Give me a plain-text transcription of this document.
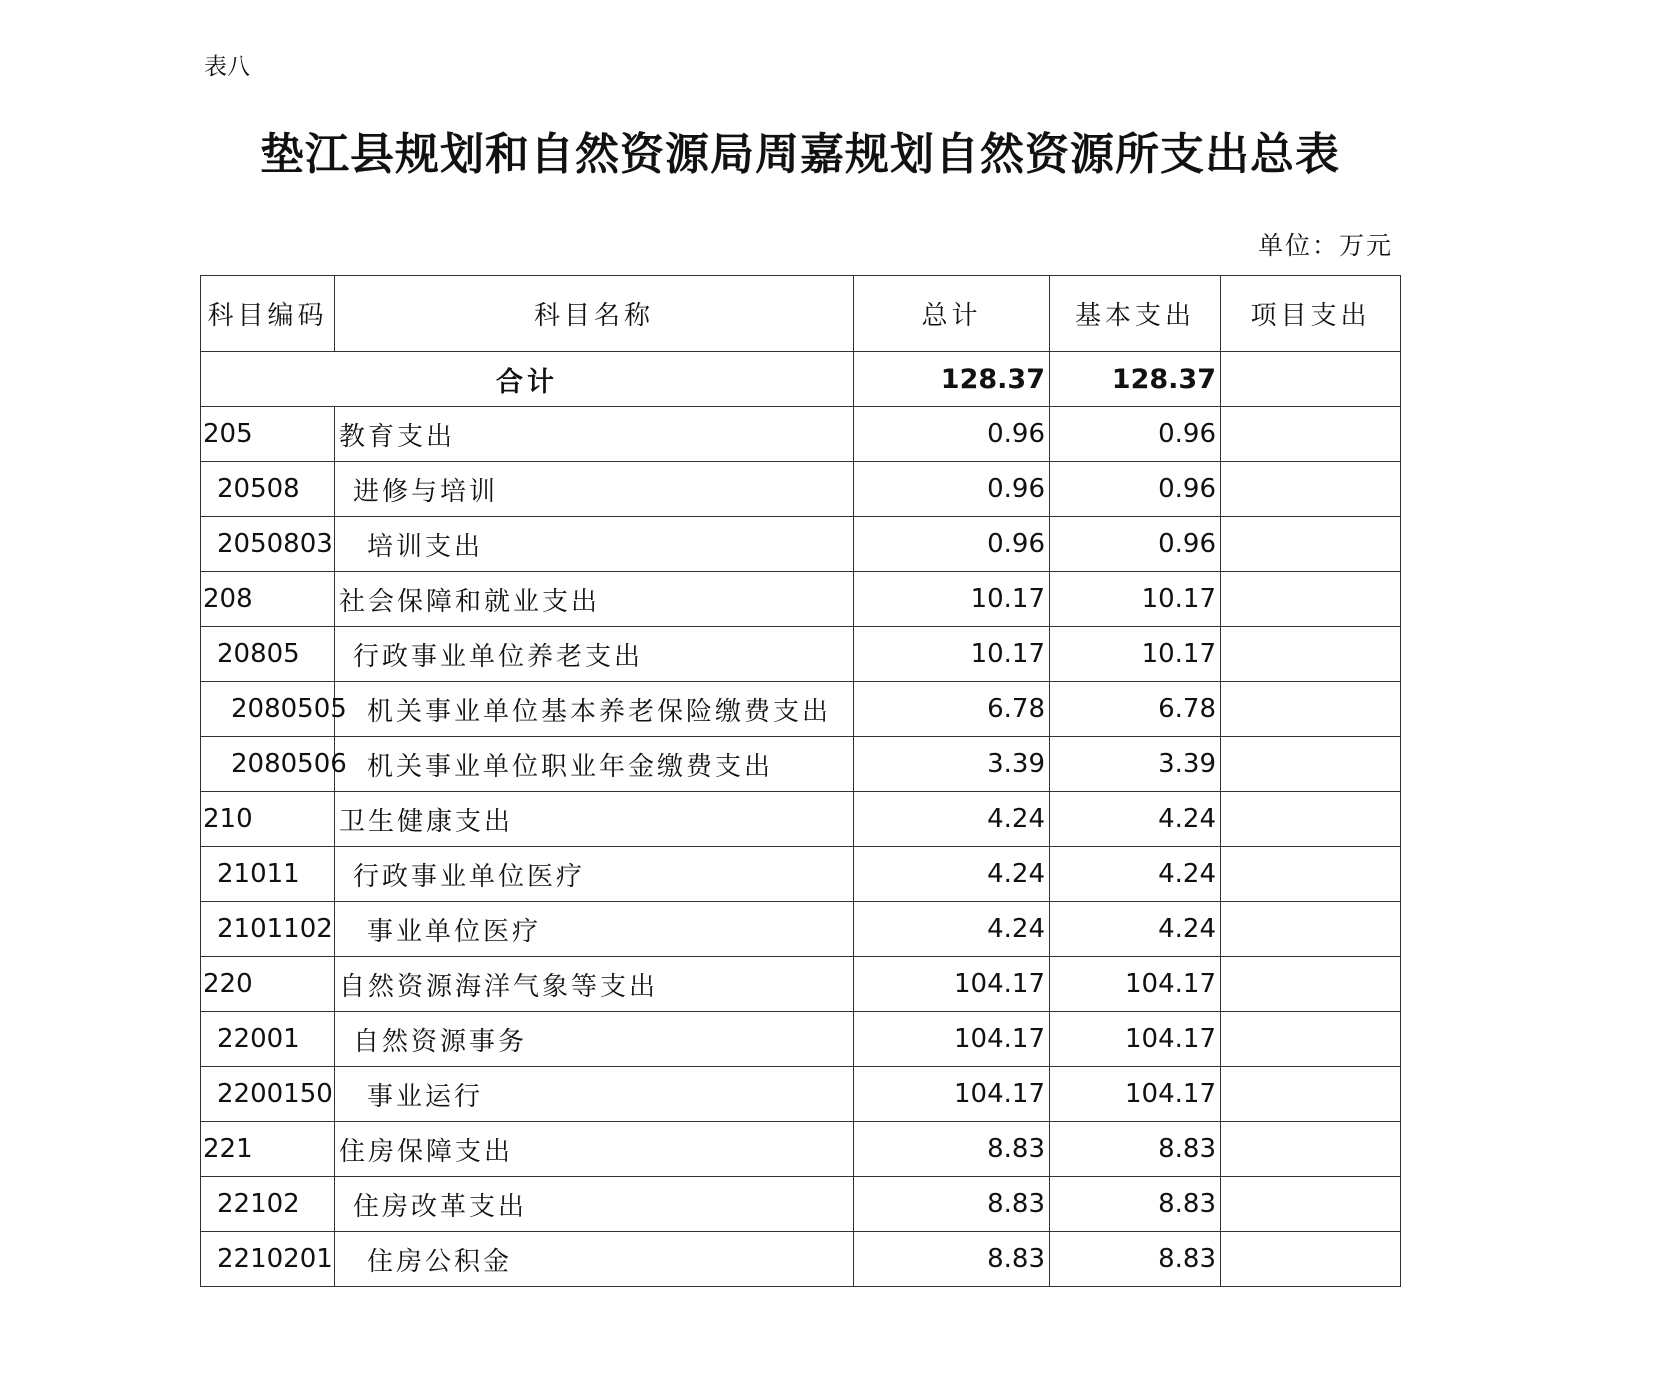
表八
垫江县规划和自然资源局周嘉规划自然资源所支出总表
单位：万元
科目编码	科目名称	总计	基本支出	项目支出
合计		128.37	128.37	
205	教育支出	0.96	0.96	
20508	进修与培训	0.96	0.96	
2050803	培训支出	0.96	0.96	
208	社会保障和就业支出	10.17	10.17	
20805	行政事业单位养老支出	10.17	10.17	
2080505	机关事业单位基本养老保险缴费支出	6.78	6.78	
2080506	机关事业单位职业年金缴费支出	3.39	3.39	
210	卫生健康支出	4.24	4.24	
21011	行政事业单位医疗	4.24	4.24	
2101102	事业单位医疗	4.24	4.24	
220	自然资源海洋气象等支出	104.17	104.17	
22001	自然资源事务	104.17	104.17	
2200150	事业运行	104.17	104.17	
221	住房保障支出	8.83	8.83	
22102	住房改革支出	8.83	8.83	
2210201	住房公积金	8.83	8.83	
